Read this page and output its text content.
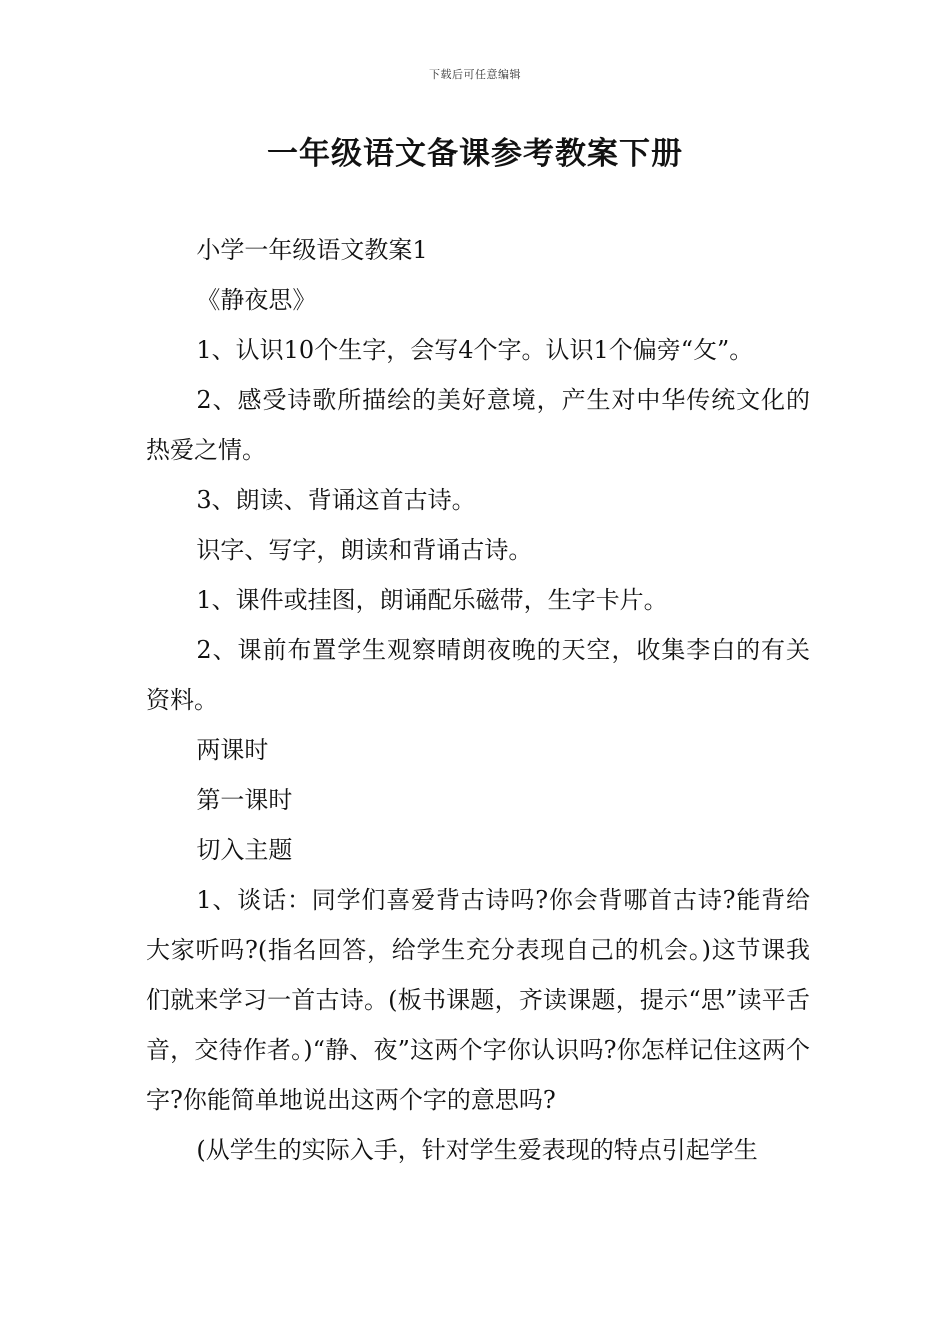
下载后可任意编辑
一年级语文备课参考教案下册

小学一年级语文教案1

《静夜思》

1、认识10个生字，会写4个字。认识1个偏旁“攵”。

2、感受诗歌所描绘的美好意境，产生对中华传统文化的热爱之情。

3、朗读、背诵这首古诗。

识字、写字，朗读和背诵古诗。

1、课件或挂图，朗诵配乐磁带，生字卡片。

2、课前布置学生观察晴朗夜晚的天空，收集李白的有关资料。

两课时

第一课时

切入主题

1、谈话：同学们喜爱背古诗吗?你会背哪首古诗?能背给大家听吗?(指名回答，给学生充分表现自己的机会。)这节课我们就来学习一首古诗。(板书课题，齐读课题，提示“思”读平舌音，交待作者。)“静、夜”这两个字你认识吗?你怎样记住这两个字?你能简单地说出这两个字的意思吗?

(从学生的实际入手，针对学生爱表现的特点引起学生
